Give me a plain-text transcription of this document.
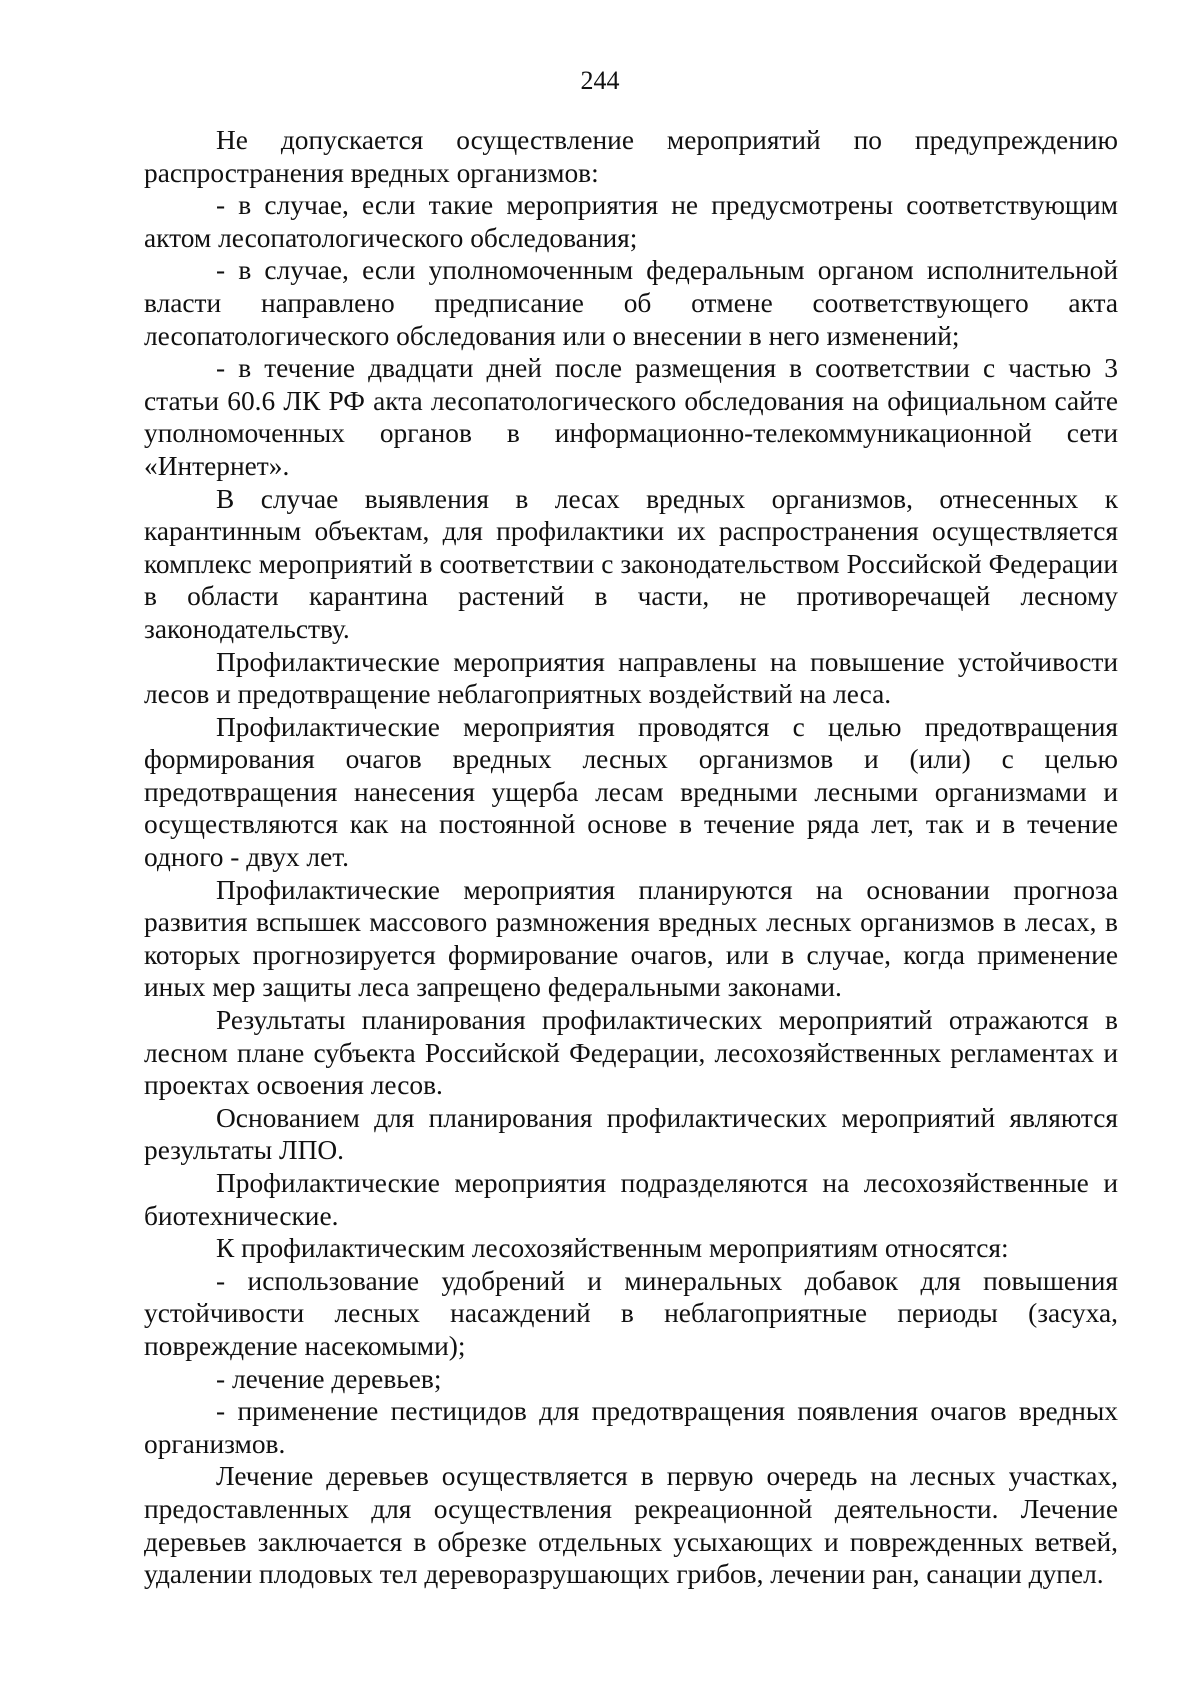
244

Не допускается осуществление мероприятий по предупреждению распространения вредных организмов:

- в случае, если такие мероприятия не предусмотрены соответствующим актом лесопатологического обследования;

- в случае, если уполномоченным федеральным органом исполнительной власти направлено предписание об отмене соответствующего акта лесопатологического обследования или о внесении в него изменений;

- в течение двадцати дней после размещения в соответствии с частью 3 статьи 60.6 ЛК РФ акта лесопатологического обследования на официальном сайте уполномоченных органов в информационно-телекоммуникационной сети «Интернет».

В случае выявления в лесах вредных организмов, отнесенных к карантинным объектам, для профилактики их распространения осуществляется комплекс мероприятий в соответствии с законодательством Российской Федерации в области карантина растений в части, не противоречащей лесному законодательству.

Профилактические мероприятия направлены на повышение устойчивости лесов и предотвращение неблагоприятных воздействий на леса.

Профилактические мероприятия проводятся с целью предотвращения формирования очагов вредных лесных организмов и (или) с целью предотвращения нанесения ущерба лесам вредными лесными организмами и осуществляются как на постоянной основе в течение ряда лет, так и в течение одного - двух лет.

Профилактические мероприятия планируются на основании прогноза развития вспышек массового размножения вредных лесных организмов в лесах, в которых прогнозируется формирование очагов, или в случае, когда применение иных мер защиты леса запрещено федеральными законами.

Результаты планирования профилактических мероприятий отражаются в лесном плане субъекта Российской Федерации, лесохозяйственных регламентах и проектах освоения лесов.

Основанием для планирования профилактических мероприятий являются результаты ЛПО.

Профилактические мероприятия подразделяются на лесохозяйственные и биотехнические.

К профилактическим лесохозяйственным мероприятиям относятся:

- использование удобрений и минеральных добавок для повышения устойчивости лесных насаждений в неблагоприятные периоды (засуха, повреждение насекомыми);

- лечение деревьев;

- применение пестицидов для предотвращения появления очагов вредных организмов.

Лечение деревьев осуществляется в первую очередь на лесных участках, предоставленных для осуществления рекреационной деятельности. Лечение деревьев заключается в обрезке отдельных усыхающих и поврежденных ветвей, удалении плодовых тел дереворазрушающих грибов, лечении ран, санации дупел.
